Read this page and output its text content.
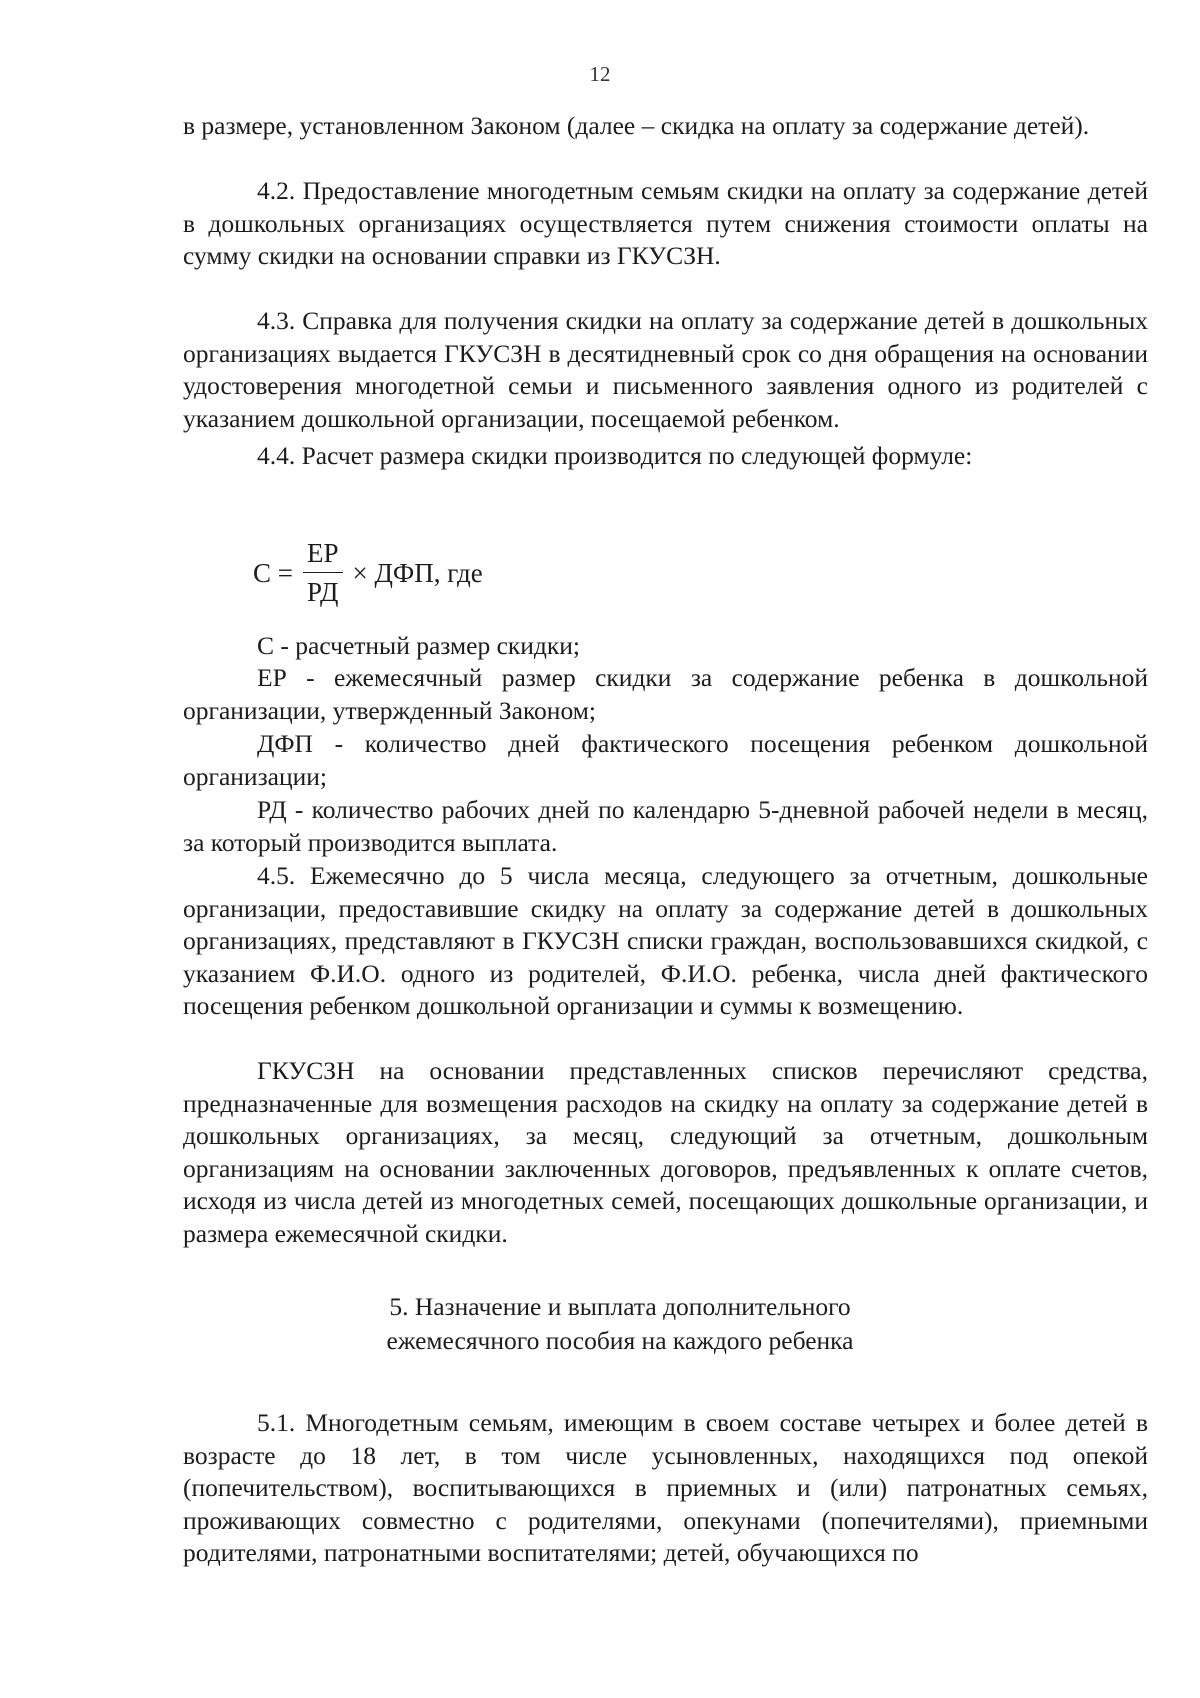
12

в размере, установленном Законом (далее – скидка на оплату за содержание детей).

4.2. Предоставление многодетным семьям скидки на оплату за содержание детей в дошкольных организациях осуществляется путем снижения стоимости оплаты на сумму скидки на основании справки из ГКУСЗН.

4.3. Справка для получения скидки на оплату за содержание детей в дошкольных организациях выдается ГКУСЗН в десятидневный срок со дня обращения на основании удостоверения многодетной семьи и письменного заявления одного из родителей с указанием дошкольной организации, посещаемой ребенком.

4.4. Расчет размера скидки производится по следующей формуле:

$С = \frac{ЕР}{РД}$ × ДФП, где

С - расчетный размер скидки;

ЕР - ежемесячный размер скидки за содержание ребенка в дошкольной организации, утвержденный Законом;

ДФП - количество дней фактического посещения ребенком дошкольной организации;

РД - количество рабочих дней по календарю 5-дневной рабочей недели в месяц, за который производится выплата.

4.5. Ежемесячно до 5 числа месяца, следующего за отчетным, дошкольные организации, предоставившие скидку на оплату за содержание детей в дошкольных организациях, представляют в ГКУСЗН списки граждан, воспользовавшихся скидкой, с указанием Ф.И.О. одного из родителей, Ф.И.О. ребенка, числа дней фактического посещения ребенком дошкольной организации и суммы к возмещению.

ГКУСЗН на основании представленных списков перечисляют средства, предназначенные для возмещения расходов на скидку на оплату за содержание детей в дошкольных организациях, за месяц, следующий за отчетным, дошкольным организациям на основании заключенных договоров, предъявленных к оплате счетов, исходя из числа детей из многодетных семей, посещающих дошкольные организации, и размера ежемесячной скидки.

5. Назначение и выплата дополнительного

ежемесячного пособия на каждого ребенка

5.1. Многодетным семьям, имеющим в своем составе четырех и более детей в возрасте до 18 лет, в том числе усыновленных, находящихся под опекой (попечительством), воспитывающихся в приемных и (или) патронатных семьях, проживающих совместно с родителями, опекунами (попечителями), приемными родителями, патронатными воспитателями; детей, обучающихся по
